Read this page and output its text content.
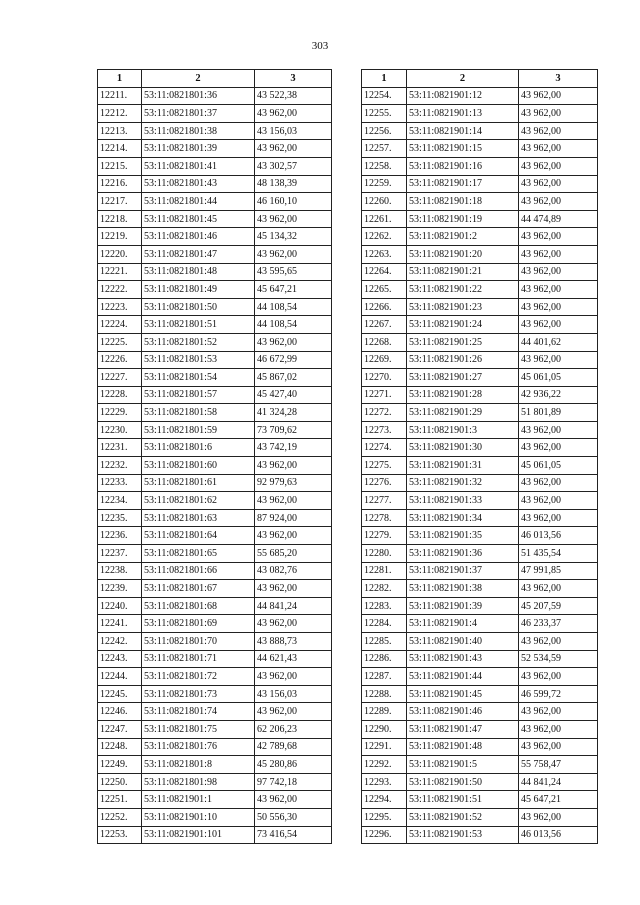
303
1	2	3
12211.	53:11:0821801:36	43 522,38
12212.	53:11:0821801:37	43 962,00
12213.	53:11:0821801:38	43 156,03
12214.	53:11:0821801:39	43 962,00
12215.	53:11:0821801:41	43 302,57
12216.	53:11:0821801:43	48 138,39
12217.	53:11:0821801:44	46 160,10
12218.	53:11:0821801:45	43 962,00
12219.	53:11:0821801:46	45 134,32
12220.	53:11:0821801:47	43 962,00
12221.	53:11:0821801:48	43 595,65
12222.	53:11:0821801:49	45 647,21
12223.	53:11:0821801:50	44 108,54
12224.	53:11:0821801:51	44 108,54
12225.	53:11:0821801:52	43 962,00
12226.	53:11:0821801:53	46 672,99
12227.	53:11:0821801:54	45 867,02
12228.	53:11:0821801:57	45 427,40
12229.	53:11:0821801:58	41 324,28
12230.	53:11:0821801:59	73 709,62
12231.	53:11:0821801:6	43 742,19
12232.	53:11:0821801:60	43 962,00
12233.	53:11:0821801:61	92 979,63
12234.	53:11:0821801:62	43 962,00
12235.	53:11:0821801:63	87 924,00
12236.	53:11:0821801:64	43 962,00
12237.	53:11:0821801:65	55 685,20
12238.	53:11:0821801:66	43 082,76
12239.	53:11:0821801:67	43 962,00
12240.	53:11:0821801:68	44 841,24
12241.	53:11:0821801:69	43 962,00
12242.	53:11:0821801:70	43 888,73
12243.	53:11:0821801:71	44 621,43
12244.	53:11:0821801:72	43 962,00
12245.	53:11:0821801:73	43 156,03
12246.	53:11:0821801:74	43 962,00
12247.	53:11:0821801:75	62 206,23
12248.	53:11:0821801:76	42 789,68
12249.	53:11:0821801:8	45 280,86
12250.	53:11:0821801:98	97 742,18
12251.	53:11:0821901:1	43 962,00
12252.	53:11:0821901:10	50 556,30
12253.	53:11:0821901:101	73 416,54
1	2	3
12254.	53:11:0821901:12	43 962,00
12255.	53:11:0821901:13	43 962,00
12256.	53:11:0821901:14	43 962,00
12257.	53:11:0821901:15	43 962,00
12258.	53:11:0821901:16	43 962,00
12259.	53:11:0821901:17	43 962,00
12260.	53:11:0821901:18	43 962,00
12261.	53:11:0821901:19	44 474,89
12262.	53:11:0821901:2	43 962,00
12263.	53:11:0821901:20	43 962,00
12264.	53:11:0821901:21	43 962,00
12265.	53:11:0821901:22	43 962,00
12266.	53:11:0821901:23	43 962,00
12267.	53:11:0821901:24	43 962,00
12268.	53:11:0821901:25	44 401,62
12269.	53:11:0821901:26	43 962,00
12270.	53:11:0821901:27	45 061,05
12271.	53:11:0821901:28	42 936,22
12272.	53:11:0821901:29	51 801,89
12273.	53:11:0821901:3	43 962,00
12274.	53:11:0821901:30	43 962,00
12275.	53:11:0821901:31	45 061,05
12276.	53:11:0821901:32	43 962,00
12277.	53:11:0821901:33	43 962,00
12278.	53:11:0821901:34	43 962,00
12279.	53:11:0821901:35	46 013,56
12280.	53:11:0821901:36	51 435,54
12281.	53:11:0821901:37	47 991,85
12282.	53:11:0821901:38	43 962,00
12283.	53:11:0821901:39	45 207,59
12284.	53:11:0821901:4	46 233,37
12285.	53:11:0821901:40	43 962,00
12286.	53:11:0821901:43	52 534,59
12287.	53:11:0821901:44	43 962,00
12288.	53:11:0821901:45	46 599,72
12289.	53:11:0821901:46	43 962,00
12290.	53:11:0821901:47	43 962,00
12291.	53:11:0821901:48	43 962,00
12292.	53:11:0821901:5	55 758,47
12293.	53:11:0821901:50	44 841,24
12294.	53:11:0821901:51	45 647,21
12295.	53:11:0821901:52	43 962,00
12296.	53:11:0821901:53	46 013,56
